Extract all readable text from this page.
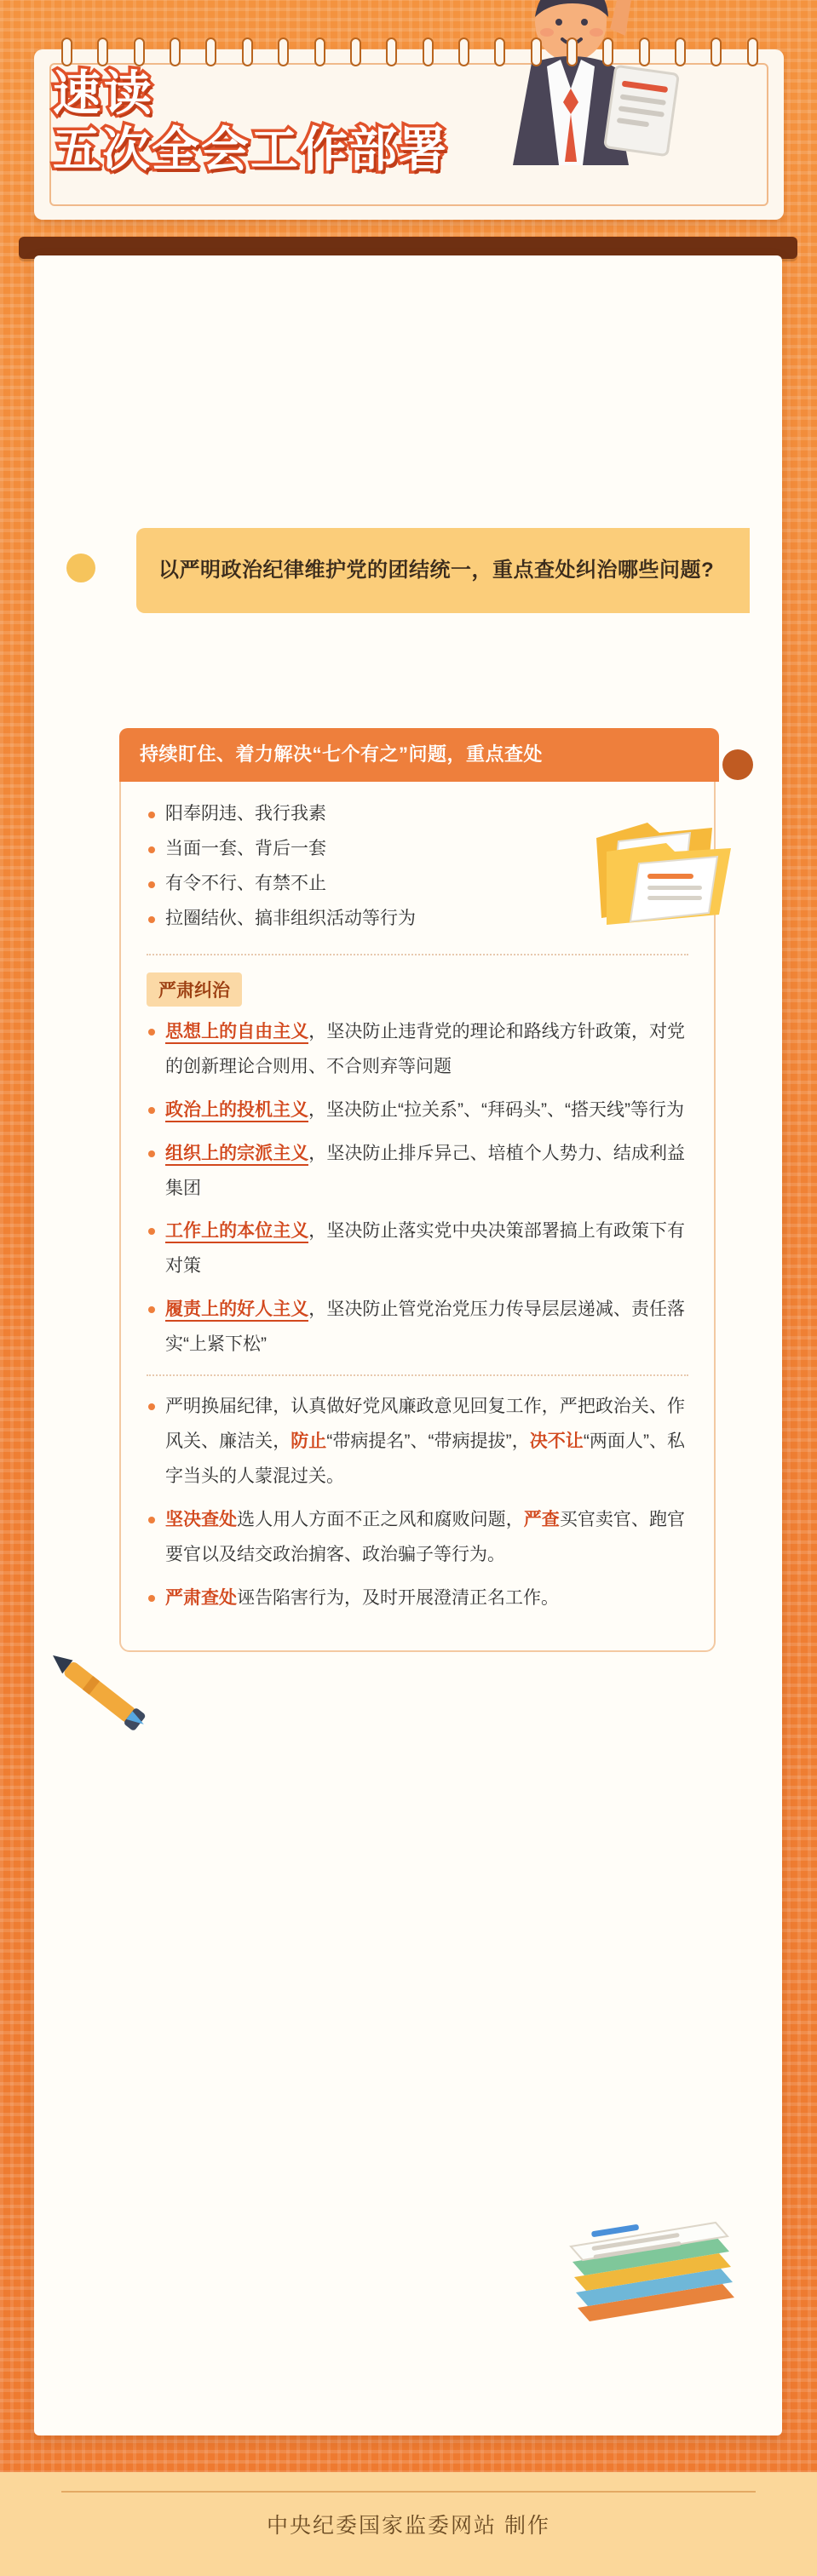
速读
五次全会工作部署
以严明政治纪律维护党的团结统一，重点查处纠治哪些问题?
持续盯住、着力解决“七个有之”问题，重点查处
阳奉阴违、我行我素
当面一套、背后一套
有令不行、有禁不止
拉圈结伙、搞非组织活动等行为
严肃纠治
思想上的自由主义，坚决防止违背党的理论和路线方针政策，对党的创新理论合则用、不合则弃等问题
政治上的投机主义，坚决防止“拉关系”、“拜码头”、“搭天线”等行为
组织上的宗派主义，坚决防止排斥异己、培植个人势力、结成利益集团
工作上的本位主义，坚决防止落实党中央决策部署搞上有政策下有对策
履责上的好人主义，坚决防止管党治党压力传导层层递减、责任落实“上紧下松”
严明换届纪律，认真做好党风廉政意见回复工作，严把政治关、作风关、廉洁关，防止“带病提名”、“带病提拔”，决不让“两面人”、私字当头的人蒙混过关。
坚决查处选人用人方面不正之风和腐败问题，严查买官卖官、跑官要官以及结交政治掮客、政治骗子等行为。
严肃查处诬告陷害行为，及时开展澄清正名工作。
中央纪委国家监委网站 制作
